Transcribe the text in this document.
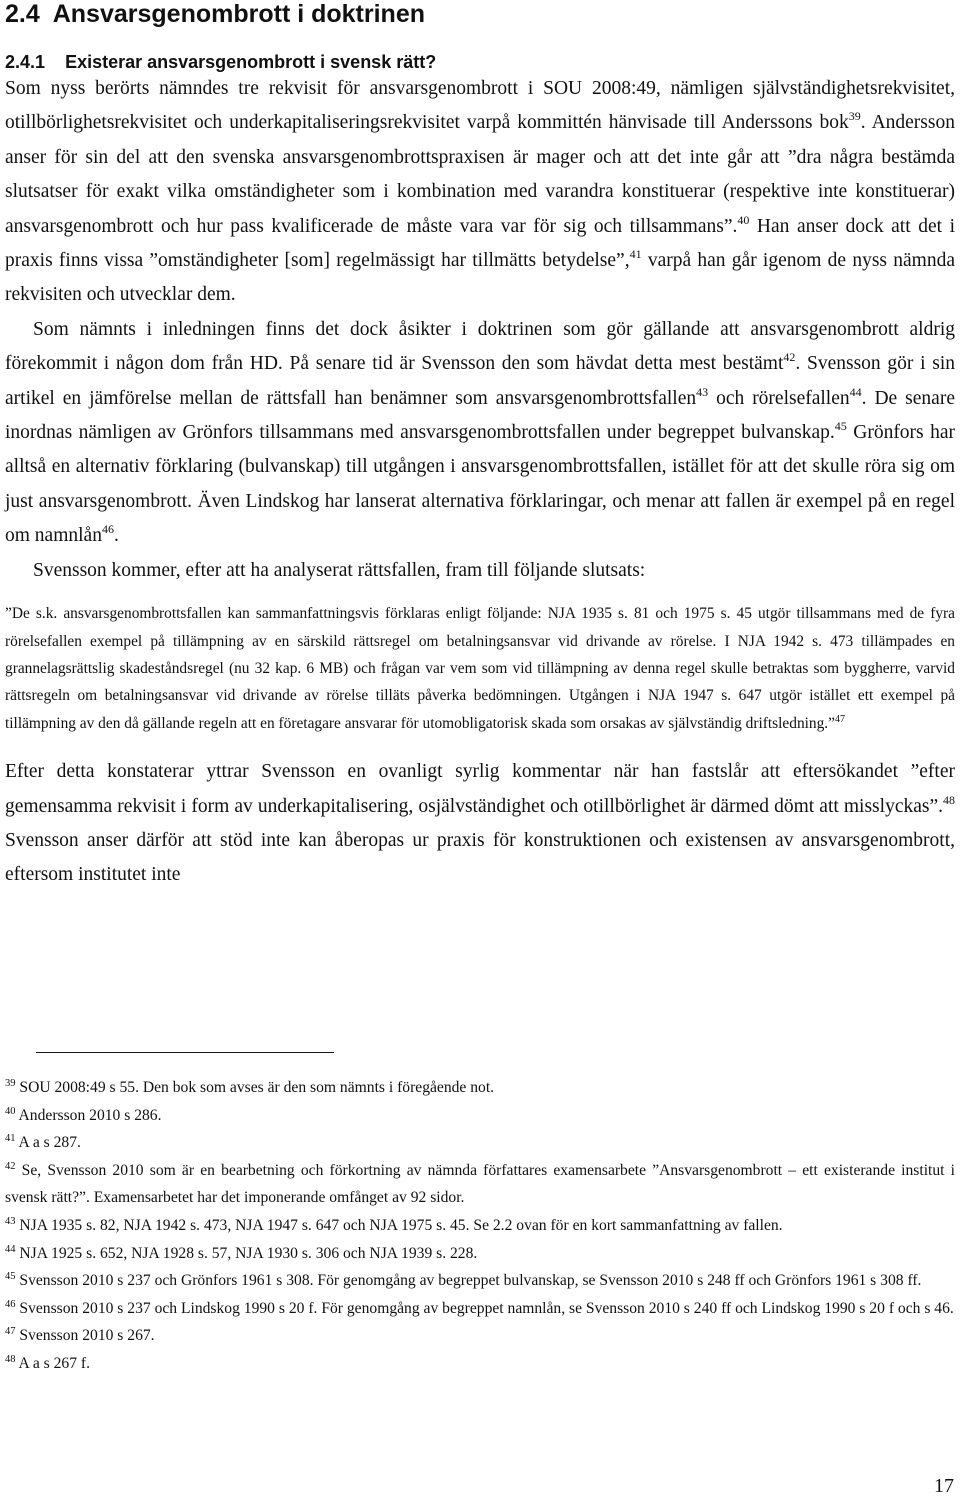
2.4 Ansvarsgenombrott i doktrinen
2.4.1 Existerar ansvarsgenombrott i svensk rätt?

Som nyss berörts nämndes tre rekvisit för ansvarsgenombrott i SOU 2008:49, nämligen självständighetsrekvisitet, otillbörlighetsrekvisitet och underkapitaliseringsrekvisitet varpå kommittén hänvisade till Anderssons bok$^{39}$. Andersson anser för sin del att den svenska ansvarsgenombrottspraxisen är mager och att det inte går att ”dra några bestämda slutsatser för exakt vilka omständigheter som i kombination med varandra konstituerar (respektive inte konstituerar) ansvarsgenombrott och hur pass kvalificerade de måste vara var för sig och tillsammans”.$^{40}$ Han anser dock att det i praxis finns vissa ”omständigheter [som] regelmässigt har tillmätts betydelse”,$^{41}$ varpå han går igenom de nyss nämnda rekvisiten och utvecklar dem.

Som nämnts i inledningen finns det dock åsikter i doktrinen som gör gällande att ansvarsgenombrott aldrig förekommit i någon dom från HD. På senare tid är Svensson den som hävdat detta mest bestämt$^{42}$. Svensson gör i sin artikel en jämförelse mellan de rättsfall han benämner som ansvarsgenombrottsfallen$^{43}$ och rörelsefallen$^{44}$. De senare inordnas nämligen av Grönfors tillsammans med ansvarsgenombrottsfallen under begreppet bulvanskap.$^{45}$ Grönfors har alltså en alternativ förklaring (bulvanskap) till utgången i ansvarsgenombrottsfallen, istället för att det skulle röra sig om just ansvarsgenombrott. Även Lindskog har lanserat alternativa förklaringar, och menar att fallen är exempel på en regel om namnlån$^{46}$.

Svensson kommer, efter att ha analyserat rättsfallen, fram till följande slutsats:

”De s.k. ansvarsgenombrottsfallen kan sammanfattningsvis förklaras enligt följande: NJA 1935 s. 81 och 1975 s. 45 utgör tillsammans med de fyra rörelsefallen exempel på tillämpning av en särskild rättsregel om betalningsansvar vid drivande av rörelse. I NJA 1942 s. 473 tillämpades en grannelagsrättslig skadeståndsregel (nu 32 kap. 6 MB) och frågan var vem som vid tillämpning av denna regel skulle betraktas som byggherre, varvid rättsregeln om betalningsansvar vid drivande av rörelse tilläts påverka bedömningen. Utgången i NJA 1947 s. 647 utgör istället ett exempel på tillämpning av den då gällande regeln att en företagare ansvarar för utomobligatorisk skada som orsakas av självständig driftsledning.”$^{47}$

Efter detta konstaterar yttrar Svensson en ovanligt syrlig kommentar när han fastslår att eftersökandet ”efter gemensamma rekvisit i form av underkapitalisering, osjälvständighet och otillbörlighet är därmed dömt att misslyckas”.$^{48}$ Svensson anser därför att stöd inte kan åberopas ur praxis för konstruktionen och existensen av ansvarsgenombrott, eftersom institutet inte

$^{39}$ SOU 2008:49 s 55. Den bok som avses är den som nämnts i föregående not.

$^{40}$ Andersson 2010 s 286.

$^{41}$ A a s 287.

$^{42}$ Se, Svensson 2010 som är en bearbetning och förkortning av nämnda författares examensarbete ”Ansvarsgenombrott – ett existerande institut i svensk rätt?”. Examensarbetet har det imponerande omfånget av 92 sidor.

$^{43}$ NJA 1935 s. 82, NJA 1942 s. 473, NJA 1947 s. 647 och NJA 1975 s. 45. Se 2.2 ovan för en kort sammanfattning av fallen.

$^{44}$ NJA 1925 s. 652, NJA 1928 s. 57, NJA 1930 s. 306 och NJA 1939 s. 228.

$^{45}$ Svensson 2010 s 237 och Grönfors 1961 s 308. För genomgång av begreppet bulvanskap, se Svensson 2010 s 248 ff och Grönfors 1961 s 308 ff.

$^{46}$ Svensson 2010 s 237 och Lindskog 1990 s 20 f. För genomgång av begreppet namnlån, se Svensson 2010 s 240 ff och Lindskog 1990 s 20 f och s 46.

$^{47}$ Svensson 2010 s 267.

$^{48}$ A a s 267 f.

17
